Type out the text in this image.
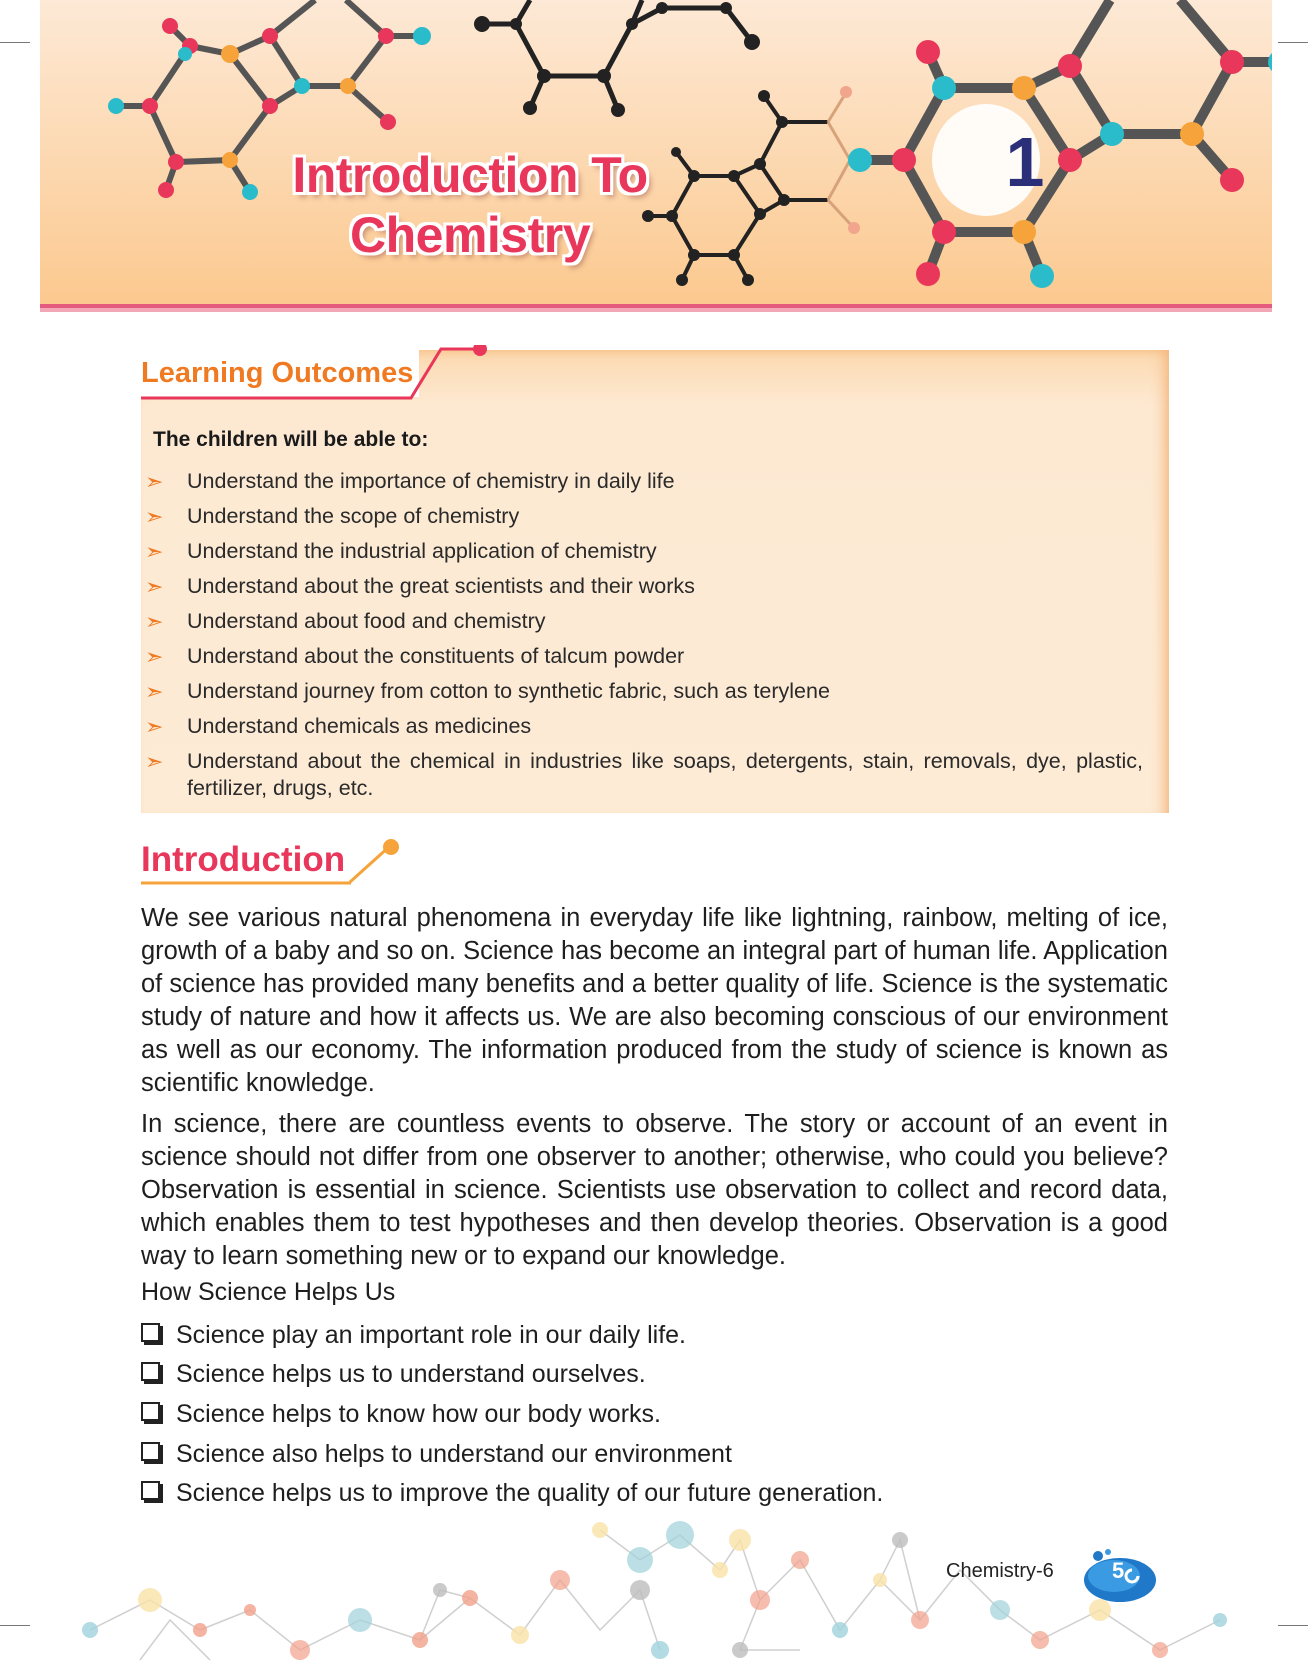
Introduction To Chemistry
1
Learning Outcomes
The children will be able to:
➣ Understand the importance of chemistry in daily life
➣ Understand the scope of chemistry
➣ Understand the industrial application of chemistry
➣ Understand about the great scientists and their works
➣ Understand about food and chemistry
➣ Understand about the constituents of talcum powder
➣ Understand journey from cotton to synthetic fabric, such as terylene
➣ Understand chemicals as medicines
➣ Understand about the chemical in industries like soaps, detergents, stain, removals, dye, plastic, fertilizer, drugs, etc.
Introduction
We see various natural phenomena in everyday life like lightning, rainbow, melting of ice, growth of a baby and so on. Science has become an integral part of human life. Application of science has provided many benefits and a better quality of life. Science is the systematic study of nature and how it affects us. We are also becoming conscious of our environment as well as our economy. The information produced from the study of science is known as scientific knowledge.
In science, there are countless events to observe. The story or account of an event in science should not differ from one observer to another; otherwise, who could you believe? Observation is essential in science. Scientists use observation to collect and record data, which enables them to test hypotheses and then develop theories. Observation is a good way to learn something new or to expand our knowledge.
How Science Helps Us
Science play an important role in our daily life.
Science helps us to understand ourselves.
Science helps to know how our body works.
Science also helps to understand our environment
Science helps us to improve the quality of our future generation.
Chemistry-6	5
